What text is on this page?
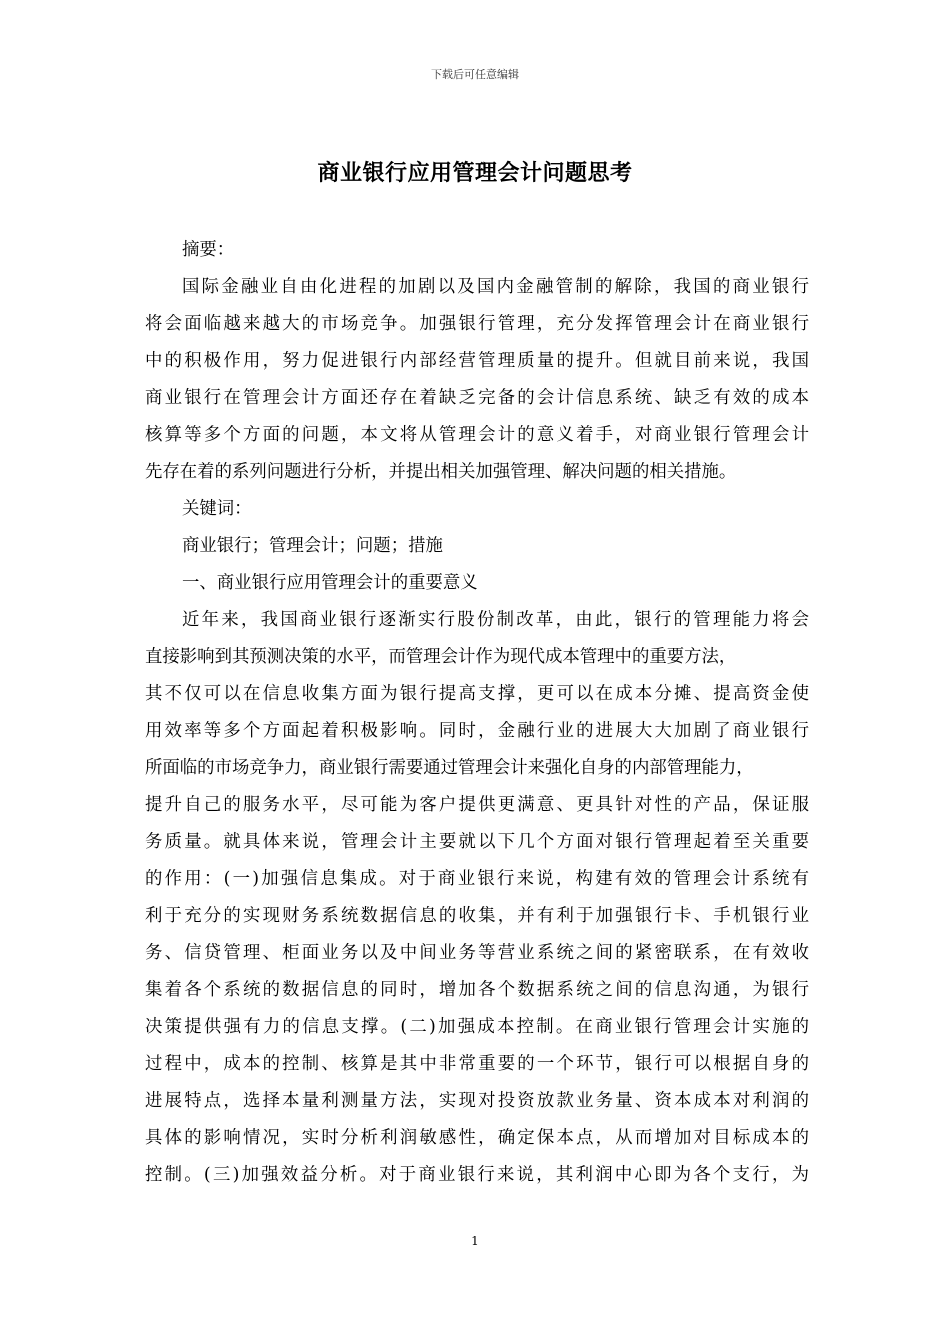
下载后可任意编辑
商业银行应用管理会计问题思考
摘要：
国际金融业自由化进程的加剧以及国内金融管制的解除，我国的商业银行
将会面临越来越大的市场竞争。加强银行管理，充分发挥管理会计在商业银行
中的积极作用，努力促进银行内部经营管理质量的提升。但就目前来说，我国
商业银行在管理会计方面还存在着缺乏完备的会计信息系统、缺乏有效的成本
核算等多个方面的问题，本文将从管理会计的意义着手，对商业银行管理会计
先存在着的系列问题进行分析，并提出相关加强管理、解决问题的相关措施。
关键词：
商业银行；管理会计；问题；措施
一、商业银行应用管理会计的重要意义
近年来，我国商业银行逐渐实行股份制改革，由此，银行的管理能力将会
直接影响到其预测决策的水平，而管理会计作为现代成本管理中的重要方法，
其不仅可以在信息收集方面为银行提高支撑，更可以在成本分摊、提高资金使
用效率等多个方面起着积极影响。同时，金融行业的进展大大加剧了商业银行
所面临的市场竞争力，商业银行需要通过管理会计来强化自身的内部管理能力，
提升自己的服务水平，尽可能为客户提供更满意、更具针对性的产品，保证服
务质量。就具体来说，管理会计主要就以下几个方面对银行管理起着至关重要
的作用：(一)加强信息集成。对于商业银行来说，构建有效的管理会计系统有
利于充分的实现财务系统数据信息的收集，并有利于加强银行卡、手机银行业
务、信贷管理、柜面业务以及中间业务等营业系统之间的紧密联系，在有效收
集着各个系统的数据信息的同时，增加各个数据系统之间的信息沟通，为银行
决策提供强有力的信息支撑。(二)加强成本控制。在商业银行管理会计实施的
过程中，成本的控制、核算是其中非常重要的一个环节，银行可以根据自身的
进展特点，选择本量利测量方法，实现对投资放款业务量、资本成本对利润的
具体的影响情况，实时分析利润敏感性，确定保本点，从而增加对目标成本的
控制。(三)加强效益分析。对于商业银行来说，其利润中心即为各个支行，为
1
